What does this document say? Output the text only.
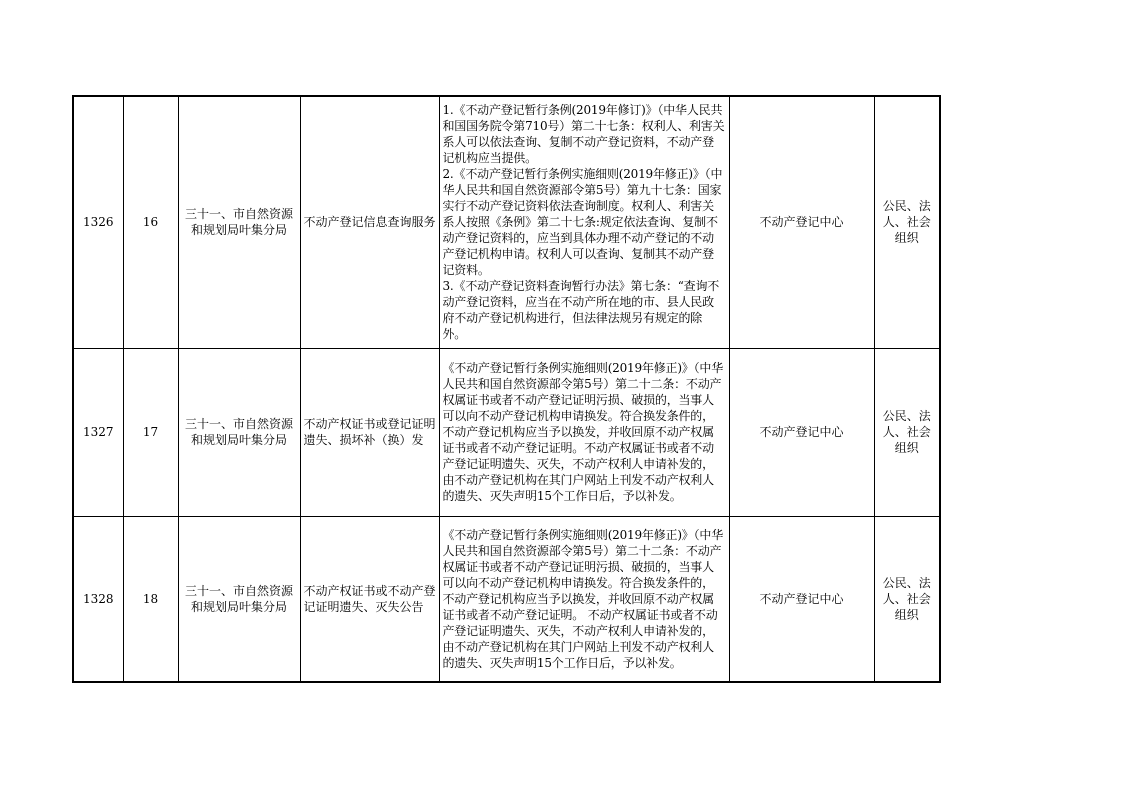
1326	16	三十一、市自然资源和规划局叶集分局	不动产登记信息查询服务	1.《不动产登记暂行条例(2019年修订)》（中华人民共和国国务院令第710号）第二十七条：权利人、利害关系人可以依法查询、复制不动产登记资料，不动产登记机构应当提供。
2.《不动产登记暂行条例实施细则(2019年修正)》（中华人民共和国自然资源部令第5号）第九十七条：国家实行不动产登记资料依法查询制度。权利人、利害关系人按照《条例》第二十七条:规定依法查询、复制不动产登记资料的，应当到具体办理不动产登记的不动产登记机构申请。权利人可以查询、复制其不动产登记资料。
3.《不动产登记资料查询暂行办法》第七条：“查询不动产登记资料，应当在不动产所在地的市、县人民政府不动产登记机构进行，但法律法规另有规定的除外。	不动产登记中心	公民、法人、社会组织
1327	17	三十一、市自然资源和规划局叶集分局	不动产权证书或登记证明遗失、损坏补（换）发	《不动产登记暂行条例实施细则(2019年修正)》（中华人民共和国自然资源部令第5号）第二十二条：不动产权属证书或者不动产登记证明污损、破损的，当事人可以向不动产登记机构申请换发。符合换发条件的，不动产登记机构应当予以换发，并收回原不动产权属证书或者不动产登记证明。不动产权属证书或者不动产登记证明遗失、灭失，不动产权利人申请补发的，由不动产登记机构在其门户网站上刊发不动产权利人的遗失、灭失声明15个工作日后，予以补发。	不动产登记中心	公民、法人、社会组织
1328	18	三十一、市自然资源和规划局叶集分局	不动产权证书或不动产登记证明遗失、灭失公告	《不动产登记暂行条例实施细则(2019年修正)》（中华人民共和国自然资源部令第5号）第二十二条：不动产权属证书或者不动产登记证明污损、破损的，当事人可以向不动产登记机构申请换发。符合换发条件的，不动产登记机构应当予以换发，并收回原不动产权属证书或者不动产登记证明。 不动产权属证书或者不动产登记证明遗失、灭失，不动产权利人申请补发的，由不动产登记机构在其门户网站上刊发不动产权利人的遗失、灭失声明15个工作日后，予以补发。	不动产登记中心	公民、法人、社会组织
